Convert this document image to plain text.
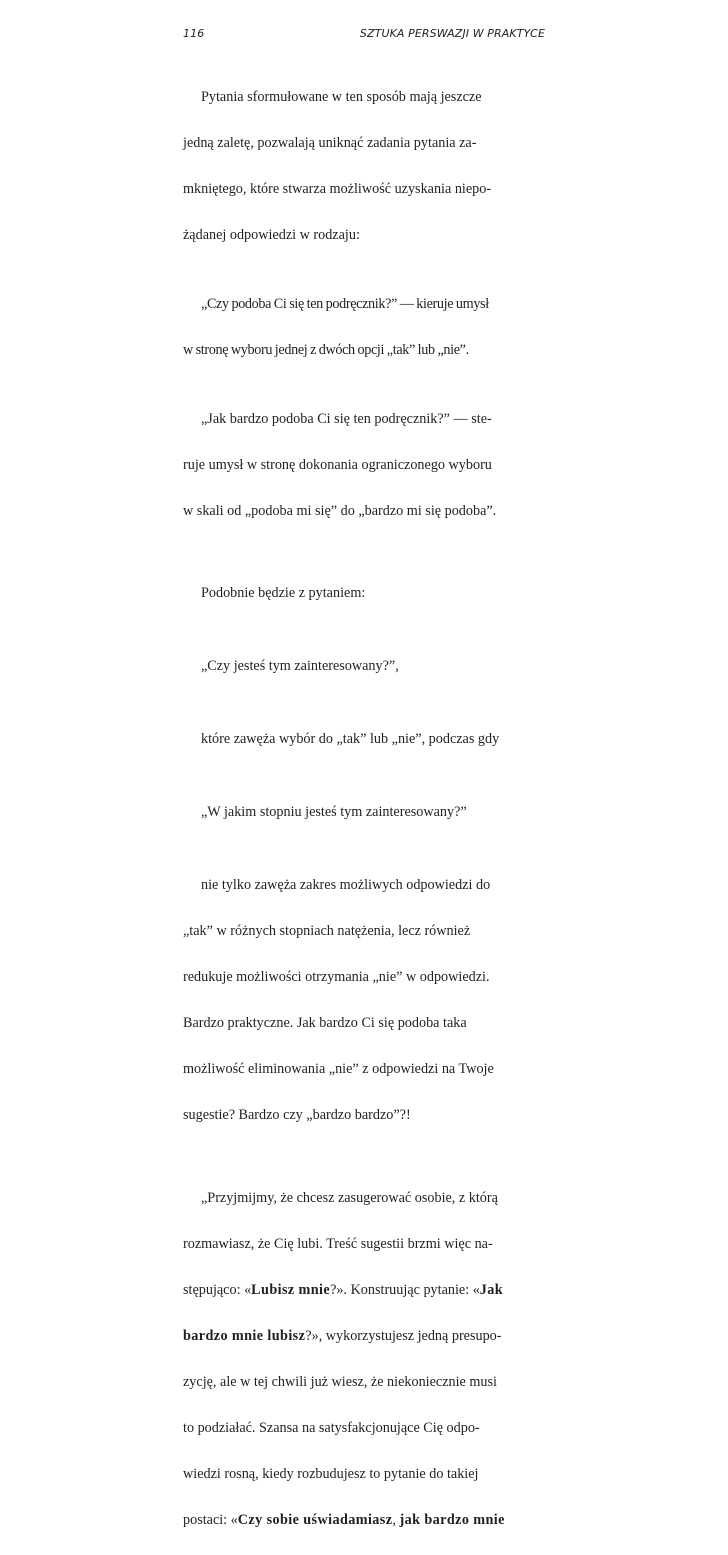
116	SZTUKA PERSWAZJI W PRAKTYCE

Pytania sformułowane w ten sposób mają jeszcze

jedną zaletę, pozwalają uniknąć zadania pytania za-

mkniętego, które stwarza możliwość uzyskania niepo-

żądanej odpowiedzi w rodzaju:

„Czy podoba Ci się ten podręcznik?” — kieruje umysł

w stronę wyboru jednej z dwóch opcji „tak” lub „nie”.

„Jak bardzo podoba Ci się ten podręcznik?” — ste-

ruje umysł w stronę dokonania ograniczonego wyboru

w skali od „podoba mi się” do „bardzo mi się podoba”.

Podobnie będzie z pytaniem:

„Czy jesteś tym zainteresowany?”,

które zawęża wybór do „tak” lub „nie”, podczas gdy

„W jakim stopniu jesteś tym zainteresowany?”

nie tylko zawęża zakres możliwych odpowiedzi do

„tak” w różnych stopniach natężenia, lecz również

redukuje możliwości otrzymania „nie” w odpowiedzi.

Bardzo praktyczne. Jak bardzo Ci się podoba taka

możliwość eliminowania „nie” z odpowiedzi na Twoje

sugestie? Bardzo czy „bardzo bardzo”?!

„Przyjmijmy, że chcesz zasugerować osobie, z którą

rozmawiasz, że Cię lubi. Treść sugestii brzmi więc na-

stępująco: «Lubisz mnie?». Konstruując pytanie: «Jak

bardzo mnie lubisz?», wykorzystujesz jedną presupo-

zycję, ale w tej chwili już wiesz, że niekoniecznie musi

to podziałać. Szansa na satysfakcjonujące Cię odpo-

wiedzi rosną, kiedy rozbudujesz to pytanie do takiej

postaci: «Czy sobie uświadamiasz, jak bardzo mnie
